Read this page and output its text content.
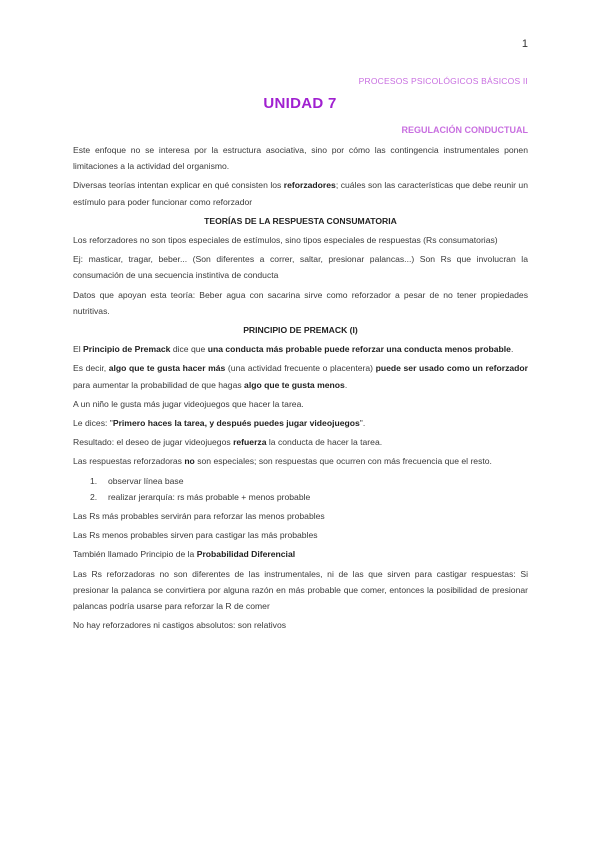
1
PROCESOS PSICOLÓGICOS BÁSICOS II
UNIDAD 7
REGULACIÓN CONDUCTUAL

Este enfoque no se interesa por la estructura asociativa, sino por cómo las contingencia instrumentales ponen limitaciones a la actividad del organismo.

Diversas teorías intentan explicar en qué consisten los reforzadores; cuáles son las características que debe reunir un estímulo para poder funcionar como reforzador

TEORÍAS DE LA RESPUESTA CONSUMATORIA

Los reforzadores no son tipos especiales de estímulos, sino tipos especiales de respuestas (Rs consumatorias)

Ej: masticar, tragar, beber... (Son diferentes a correr, saltar, presionar palancas...) Son Rs que involucran la consumación de una secuencia instintiva de conducta

Datos que apoyan esta teoría: Beber agua con sacarina sirve como reforzador a pesar de no tener propiedades nutritivas.

PRINCIPIO DE PREMACK (I)

El Principio de Premack dice que una conducta más probable puede reforzar una conducta menos probable.

Es decir, algo que te gusta hacer más (una actividad frecuente o placentera) puede ser usado como un reforzador para aumentar la probabilidad de que hagas algo que te gusta menos.

A un niño le gusta más jugar videojuegos que hacer la tarea.

Le dices: "Primero haces la tarea, y después puedes jugar videojuegos".

Resultado: el deseo de jugar videojuegos refuerza la conducta de hacer la tarea.

Las respuestas reforzadoras no son especiales; son respuestas que ocurren con más frecuencia que el resto.

1. observar línea base
2. realizar jerarquía: rs más probable + menos probable

Las Rs más probables servirán para reforzar las menos probables

Las Rs menos probables sirven para castigar las más probables

También llamado Principio de la Probabilidad Diferencial

Las Rs reforzadoras no son diferentes de las instrumentales, ni de las que sirven para castigar respuestas: Si presionar la palanca se convirtiera por alguna razón en más probable que comer, entonces la posibilidad de presionar palancas podría usarse para reforzar la R de comer

No hay reforzadores ni castigos absolutos: son relativos
